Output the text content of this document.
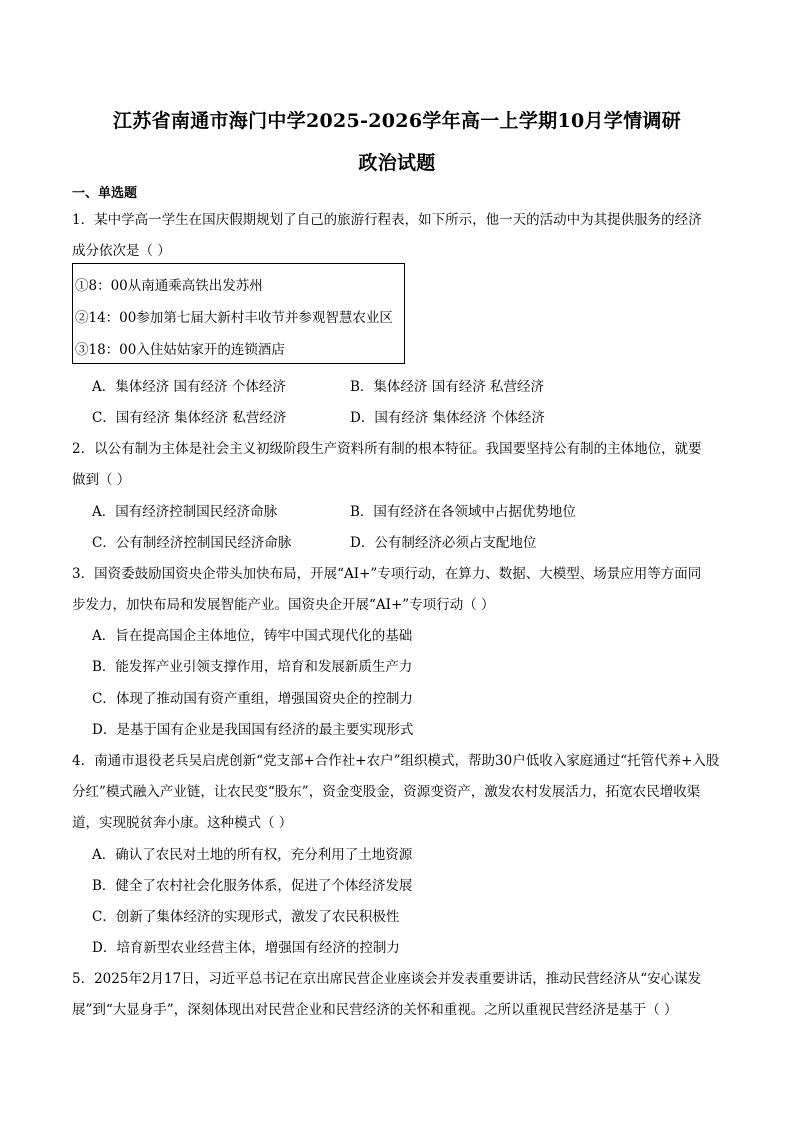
江苏省南通市海门中学2025-2026学年高一上学期10月学情调研
政治试题
一、单选题
1．某中学高一学生在国庆假期规划了自己的旅游行程表，如下所示，他一天的活动中为其提供服务的经济
成分依次是（ ）
①8：00从南通乘高铁出发苏州
②14：00参加第七届大新村丰收节并参观智慧农业区
③18：00入住姑姑家开的连锁酒店
A．集体经济 国有经济 个体经济	B．集体经济 国有经济 私营经济
C．国有经济 集体经济 私营经济	D．国有经济 集体经济 个体经济
2．以公有制为主体是社会主义初级阶段生产资料所有制的根本特征。我国要坚持公有制的主体地位，就要
做到（ ）
A．国有经济控制国民经济命脉	B．国有经济在各领域中占据优势地位
C．公有制经济控制国民经济命脉	D．公有制经济必须占支配地位
3．国资委鼓励国资央企带头加快布局，开展“AI+”专项行动，在算力、数据、大模型、场景应用等方面同
步发力，加快布局和发展智能产业。国资央企开展“AI+”专项行动（ ）
A．旨在提高国企主体地位，铸牢中国式现代化的基础
B．能发挥产业引领支撑作用，培育和发展新质生产力
C．体现了推动国有资产重组，增强国资央企的控制力
D．是基于国有企业是我国国有经济的最主要实现形式
4．南通市退役老兵吴启虎创新“党支部+合作社+农户”组织模式，帮助30户低收入家庭通过“托管代养+入股
分红”模式融入产业链，让农民变“股东”，资金变股金，资源变资产，激发农村发展活力，拓宽农民增收渠
道，实现脱贫奔小康。这种模式（ ）
A．确认了农民对土地的所有权，充分利用了土地资源
B．健全了农村社会化服务体系，促进了个体经济发展
C．创新了集体经济的实现形式，激发了农民积极性
D．培育新型农业经营主体，增强国有经济的控制力
5．2025年2月17日，习近平总书记在京出席民营企业座谈会并发表重要讲话，推动民营经济从“安心谋发
展”到“大显身手”，深刻体现出对民营企业和民营经济的关怀和重视。之所以重视民营经济是基于（ ）
